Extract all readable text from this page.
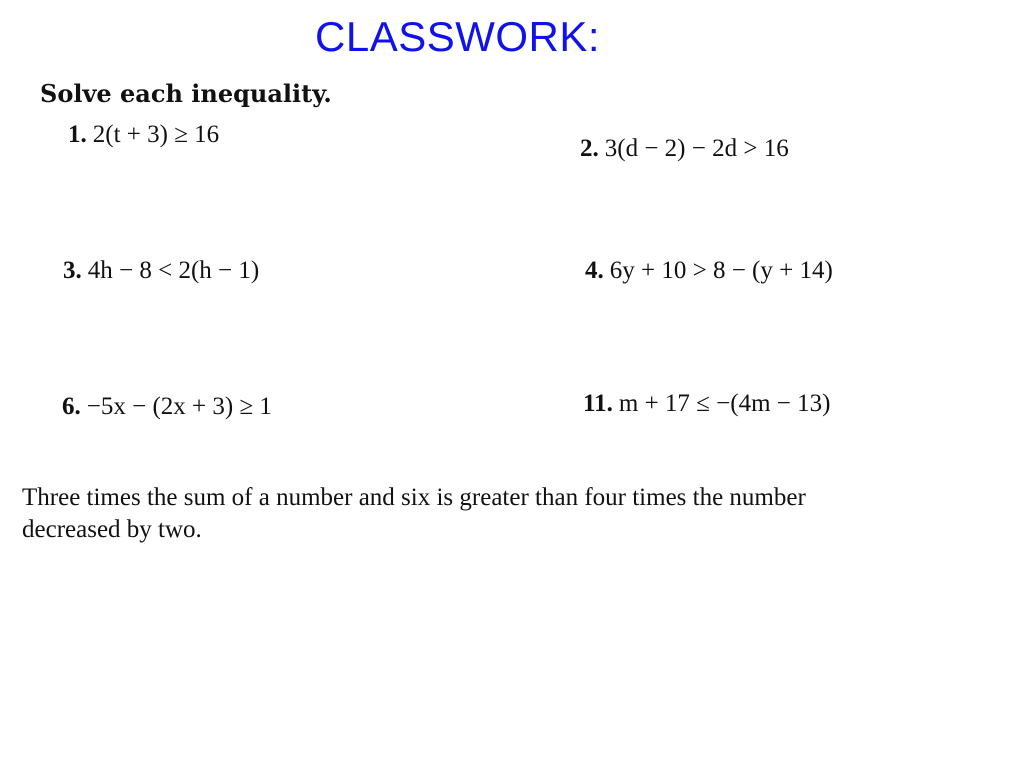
CLASSWORK:
Solve each inequality.
1. 2(t + 3) ≥ 16
2. 3(d − 2) − 2d > 16
3. 4h − 8 < 2(h − 1)	4. 6y + 10 > 8 − (y + 14)
6. −5x − (2x + 3) ≥ 1	11. m + 17 ≤ −(4m − 13)
Three times the sum of a number and six is greater than four times the number
decreased by two.
